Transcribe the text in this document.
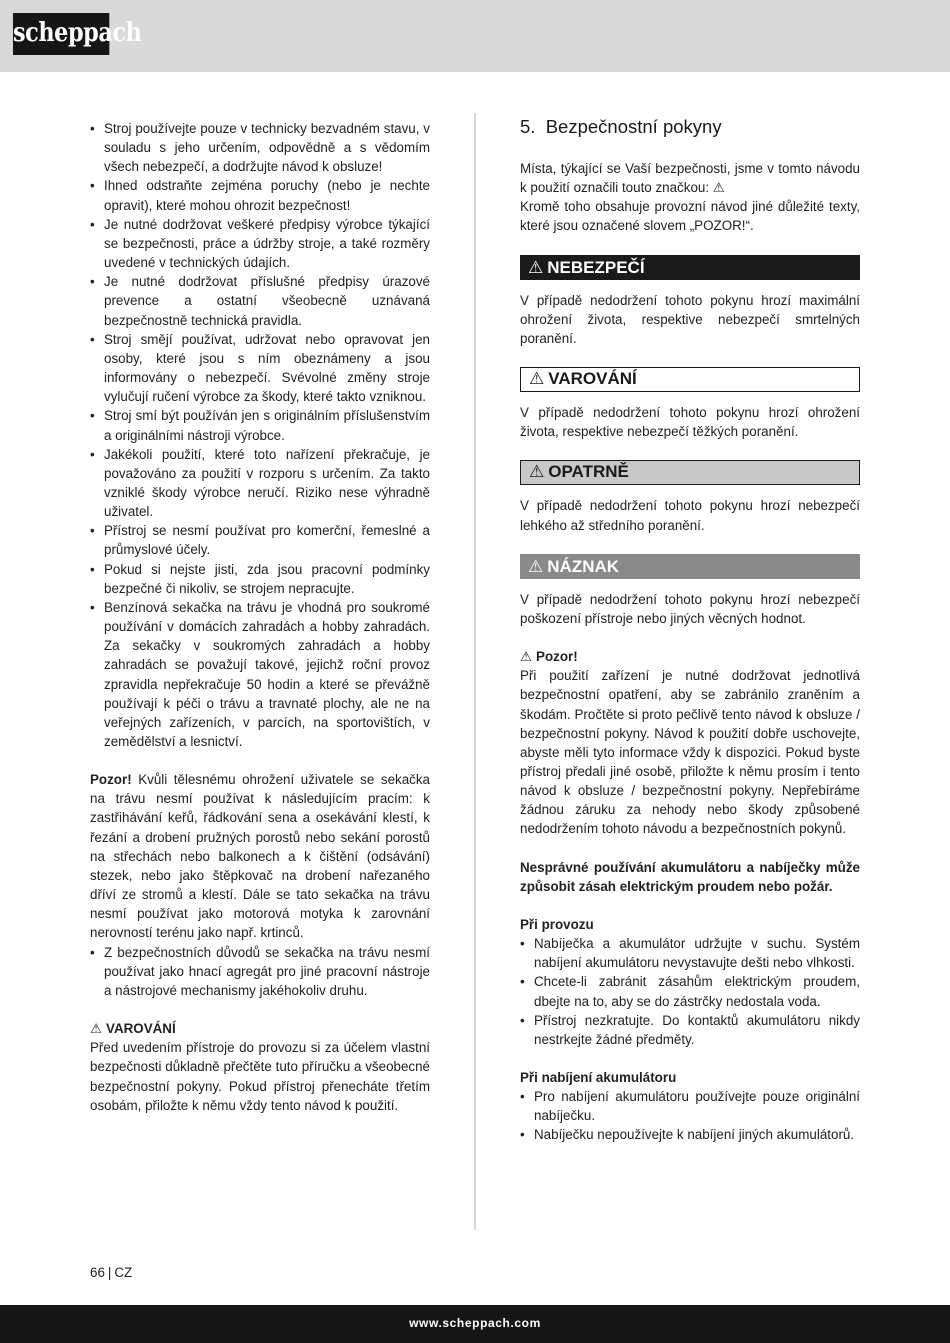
scheppach
• Stroj používejte pouze v technicky bezvadném stavu, v souladu s jeho určením, odpovědně a s vědomím všech nebezpečí, a dodržujte návod k obsluze!
• Ihned odstraňte zejména poruchy (nebo je nechte opravit), které mohou ohrozit bezpečnost!
• Je nutné dodržovat veškeré předpisy výrobce týkající se bezpečnosti, práce a údržby stroje, a také rozměry uvedené v technických údajích.
• Je nutné dodržovat příslušné předpisy úrazové prevence a ostatní všeobecně uznávaná bezpečnostně technická pravidla.
• Stroj smějí používat, udržovat nebo opravovat jen osoby, které jsou s ním obeznámeny a jsou informovány o nebezpečí. Svévolné změny stroje vylučují ručení výrobce za škody, které takto vzniknou.
• Stroj smí být používán jen s originálním příslušenstvím a originálními nástroji výrobce.
• Jakékoli použití, které toto nařízení překračuje, je považováno za použití v rozporu s určením. Za takto vzniklé škody výrobce neručí. Riziko nese výhradně uživatel.
• Přístroj se nesmí používat pro komerční, řemeslné a průmyslové účely.
• Pokud si nejste jisti, zda jsou pracovní podmínky bezpečné či nikoliv, se strojem nepracujte.
• Benzínová sekačka na trávu je vhodná pro soukromé používání v domácích zahradách a hobby zahradách. Za sekačky v soukromých zahradách a hobby zahradách se považují takové, jejichž roční provoz zpravidla nepřekračuje 50 hodin a které se převážně používají k péči o trávu a travnaté plochy, ale ne na veřejných zařízeních, v parcích, na sportovištích, v zemědělství a lesnictví.

Pozor! Kvůli tělesnému ohrožení uživatele se sekačka na trávu nesmí používat k následujícím pracím: k zastřihávání keřů, řádkování sena a osekávání klestí, k řezání a drobení pružných porostů nebo sekání porostů na střechách nebo balkonech a k čištění (odsávání) stezek, nebo jako štěpkovač na drobení nařezaného dříví ze stromů a klestí. Dále se tato sekačka na trávu nesmí používat jako motorová motyka k zarovnání nerovností terénu jako např. krtinců.

• Z bezpečnostních důvodů se sekačka na trávu nesmí používat jako hnací agregát pro jiné pracovní nástroje a nástrojové mechanismy jakéhokoliv druhu.

⚠ VAROVÁNÍ

Před uvedením přístroje do provozu si za účelem vlastní bezpečnosti důkladně přečtěte tuto příručku a všeobecné bezpečnostní pokyny. Pokud přístroj přenecháte třetím osobám, přiložte k němu vždy tento návod k použití.

5. Bezpečnostní pokyny

Místa, týkající se Vaší bezpečnosti, jsme v tomto návodu k použití označili touto značkou: ⚠

Kromě toho obsahuje provozní návod jiné důležité texty, které jsou označené slovem „POZOR!“.

⚠ NEBEZPEČÍ

V případě nedodržení tohoto pokynu hrozí maximální ohrožení života, respektive nebezpečí smrtelných poranění.

⚠ VAROVÁNÍ

V případě nedodržení tohoto pokynu hrozí ohrožení života, respektive nebezpečí těžkých poranění.

⚠ OPATRNĚ

V případě nedodržení tohoto pokynu hrozí nebezpečí lehkého až středního poranění.

⚠ NÁZNAK

V případě nedodržení tohoto pokynu hrozí nebezpečí poškození přístroje nebo jiných věcných hodnot.

⚠ Pozor!

Při použití zařízení je nutné dodržovat jednotlivá bezpečnostní opatření, aby se zabránilo zraněním a škodám. Pročtěte si proto pečlivě tento návod k obsluze / bezpečnostní pokyny. Návod k použití dobře uschovejte, abyste měli tyto informace vždy k dispozici. Pokud byste přístroj předali jiné osobě, přiložte k němu prosím i tento návod k obsluze / bezpečnostní pokyny. Nepřebíráme žádnou záruku za nehody nebo škody způsobené nedodržením tohoto návodu a bezpečnostních pokynů.

Nesprávné používání akumulátoru a nabíječky může způsobit zásah elektrickým proudem nebo požár.

Při provozu

• Nabíječka a akumulátor udržujte v suchu. Systém nabíjení akumulátoru nevystavujte dešti nebo vlhkosti.
• Chcete-li zabránit zásahům elektrickým proudem, dbejte na to, aby se do zástrčky nedostala voda.
• Přístroj nezkratujte. Do kontaktů akumulátoru nikdy nestrkejte žádné předměty.

Při nabíjení akumulátoru

• Pro nabíjení akumulátoru používejte pouze originální nabíječku.
• Nabíječku nepoužívejte k nabíjení jiných akumulátorů.
66 | CZ
www.scheppach.com
